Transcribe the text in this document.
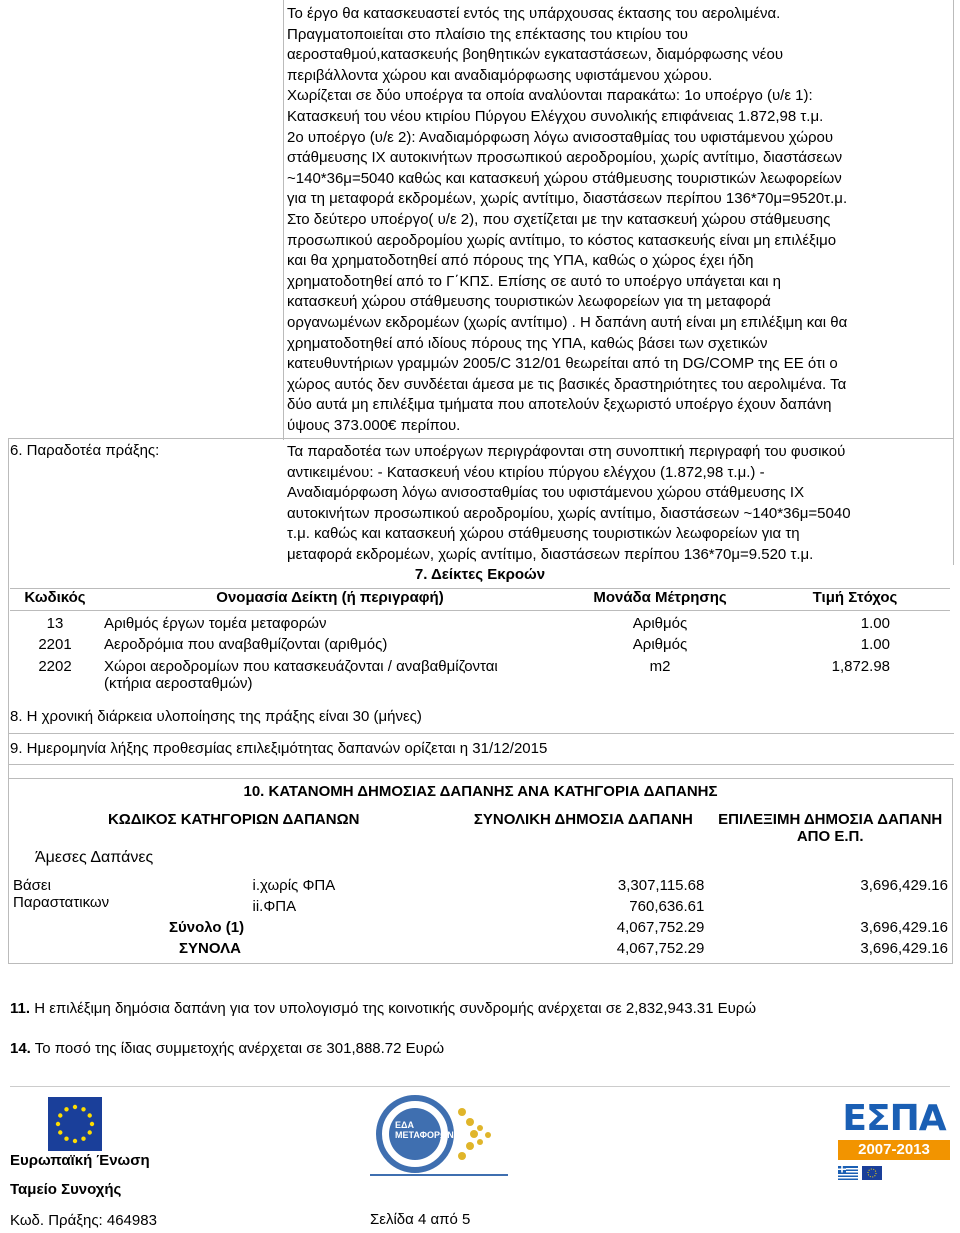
Το έργο θα κατασκευαστεί εντός της υπάρχουσας έκτασης του αερολιμένα.

Πραγματοποιείται στο πλαίσιο της επέκτασης του κτιρίου του

αεροσταθμού,κατασκευής βοηθητικών εγκαταστάσεων, διαμόρφωσης νέου

περιβάλλοντα χώρου και αναδιαμόρφωσης υφιστάμενου χώρου.

Χωρίζεται σε δύο υποέργα τα οποία αναλύονται παρακάτω: 1ο υποέργο (υ/ε 1):

Κατασκευή του νέου κτιρίου Πύργου Ελέγχου συνολικής επιφάνειας 1.872,98 τ.μ.

2ο υποέργο (υ/ε 2): Αναδιαμόρφωση λόγω ανισοσταθμίας του υφιστάμενου χώρου

στάθμευσης ΙΧ αυτοκινήτων προσωπικού αεροδρομίου, χωρίς αντίτιμο, διαστάσεων

~140*36μ=5040 καθώς και κατασκευή χώρου στάθμευσης τουριστικών λεωφορείων

για τη μεταφορά εκδρομέων, χωρίς αντίτιμο, διαστάσεων περίπου 136*70μ=9520τ.μ.

Στο δεύτερο υποέργο( υ/ε 2), που σχετίζεται με την κατασκευή χώρου στάθμευσης

προσωπικού αεροδρομίου χωρίς αντίτιμο, το κόστος κατασκευής είναι μη επιλέξιμο

και θα χρηματοδοτηθεί από πόρους της ΥΠΑ, καθώς ο χώρος έχει ήδη

χρηματοδοτηθεί από το Γ΄ΚΠΣ. Επίσης σε αυτό το υποέργο υπάγεται και η

κατασκευή χώρου στάθμευσης τουριστικών λεωφορείων για τη μεταφορά

οργανωμένων εκδρομέων (χωρίς αντίτιμο) . Η δαπάνη αυτή είναι μη επιλέξιμη και θα

χρηματοδοτηθεί από ιδίους πόρους της ΥΠΑ, καθώς βάσει των σχετικών

κατευθυντήριων γραμμών 2005/C 312/01 θεωρείται από τη DG/COMP της ΕΕ ότι ο

χώρος αυτός δεν συνδέεται άμεσα με τις βασικές δραστηριότητες του αερολιμένα. Τα

δύο αυτά μη επιλέξιμα τμήματα που αποτελούν ξεχωριστό υποέργο έχουν δαπάνη

ύψους 373.000€ περίπου.

6. Παραδοτέα πράξης:	Τα παραδοτέα των υποέργων περιγράφονται στη συνοπτική περιγραφή του φυσικού
αντικειμένου: - Κατασκευή νέου κτιρίου πύργου ελέγχου (1.872,98 τ.μ.) -
Αναδιαμόρφωση λόγω ανισοσταθμίας του υφιστάμενου χώρου στάθμευσης ΙΧ
αυτοκινήτων προσωπικού αεροδρομίου, χωρίς αντίτιμο, διαστάσεων ~140*36μ=5040
τ.μ. καθώς και κατασκευή χώρου στάθμευσης τουριστικών λεωφορείων για τη
μεταφορά εκδρομέων, χωρίς αντίτιμο, διαστάσεων περίπου 136*70μ=9.520 τ.μ.

7. Δείκτες Εκροών			
Κωδικός	Ονομασία Δείκτη (ή περιγραφή)	Μονάδα Μέτρησης	Τιμή Στόχος
13	Αριθμός έργων τομέα μεταφορών	Αριθμός	1.00
2201	Αεροδρόμια που αναβαθμίζονται (αριθμός)	Αριθμός	1.00
2202	Χώροι αεροδρομίων που κατασκευάζονται / αναβαθμίζονται
(κτήρια αεροσταθμών)	m2	1,872.98
8. Η χρονική διάρκεια υλοποίησης της πράξης είναι 30 (μήνες)
9. Ημερομηνία λήξης προθεσμίας επιλεξιμότητας δαπανών ορίζεται η 31/12/2015
10. ΚΑΤΑΝΟΜΗ ΔΗΜΟΣΙΑΣ ΔΑΠΑΝΗΣ ΑΝΑ ΚΑΤΗΓΟΡΙΑ ΔΑΠΑΝΗΣ			
ΚΩΔΙΚΟΣ ΚΑΤΗΓΟΡΙΩΝ ΔΑΠΑΝΩΝ		ΣΥΝΟΛΙΚΗ ΔΗΜΟΣΙΑ ΔΑΠΑΝΗ	ΕΠΙΛΕΞΙΜΗ ΔΗΜΟΣΙΑ ΔΑΠΑΝΗ
ΑΠΟ Ε.Π.
Άμεσες Δαπάνες			
Βάσει
Παραστατικων	i.χωρίς ΦΠΑ	3,307,115.68	3,696,429.16
	ii.ΦΠΑ	760,636.61	
Σύνολο (1)		4,067,752.29	3,696,429.16
ΣΥΝΟΛΑ		4,067,752.29	3,696,429.16
11. Η επιλέξιμη δημόσια δαπάνη για τον υπολογισμό της κοινοτικής συνδρομής ανέρχεται σε 2,832,943.31 Ευρώ
14. Το ποσό της ίδιας συμμετοχής ανέρχεται σε 301,888.72 Ευρώ
Ευρωπαϊκή Ένωση
Ταμείο Συνοχής
Κωδ. Πράξης: 464983	Σελίδα 4 από 5
ΕΔΑ
ΜΕΤΑΦΟΡΩΝ	ΕΣΠΑ
2007-2013
